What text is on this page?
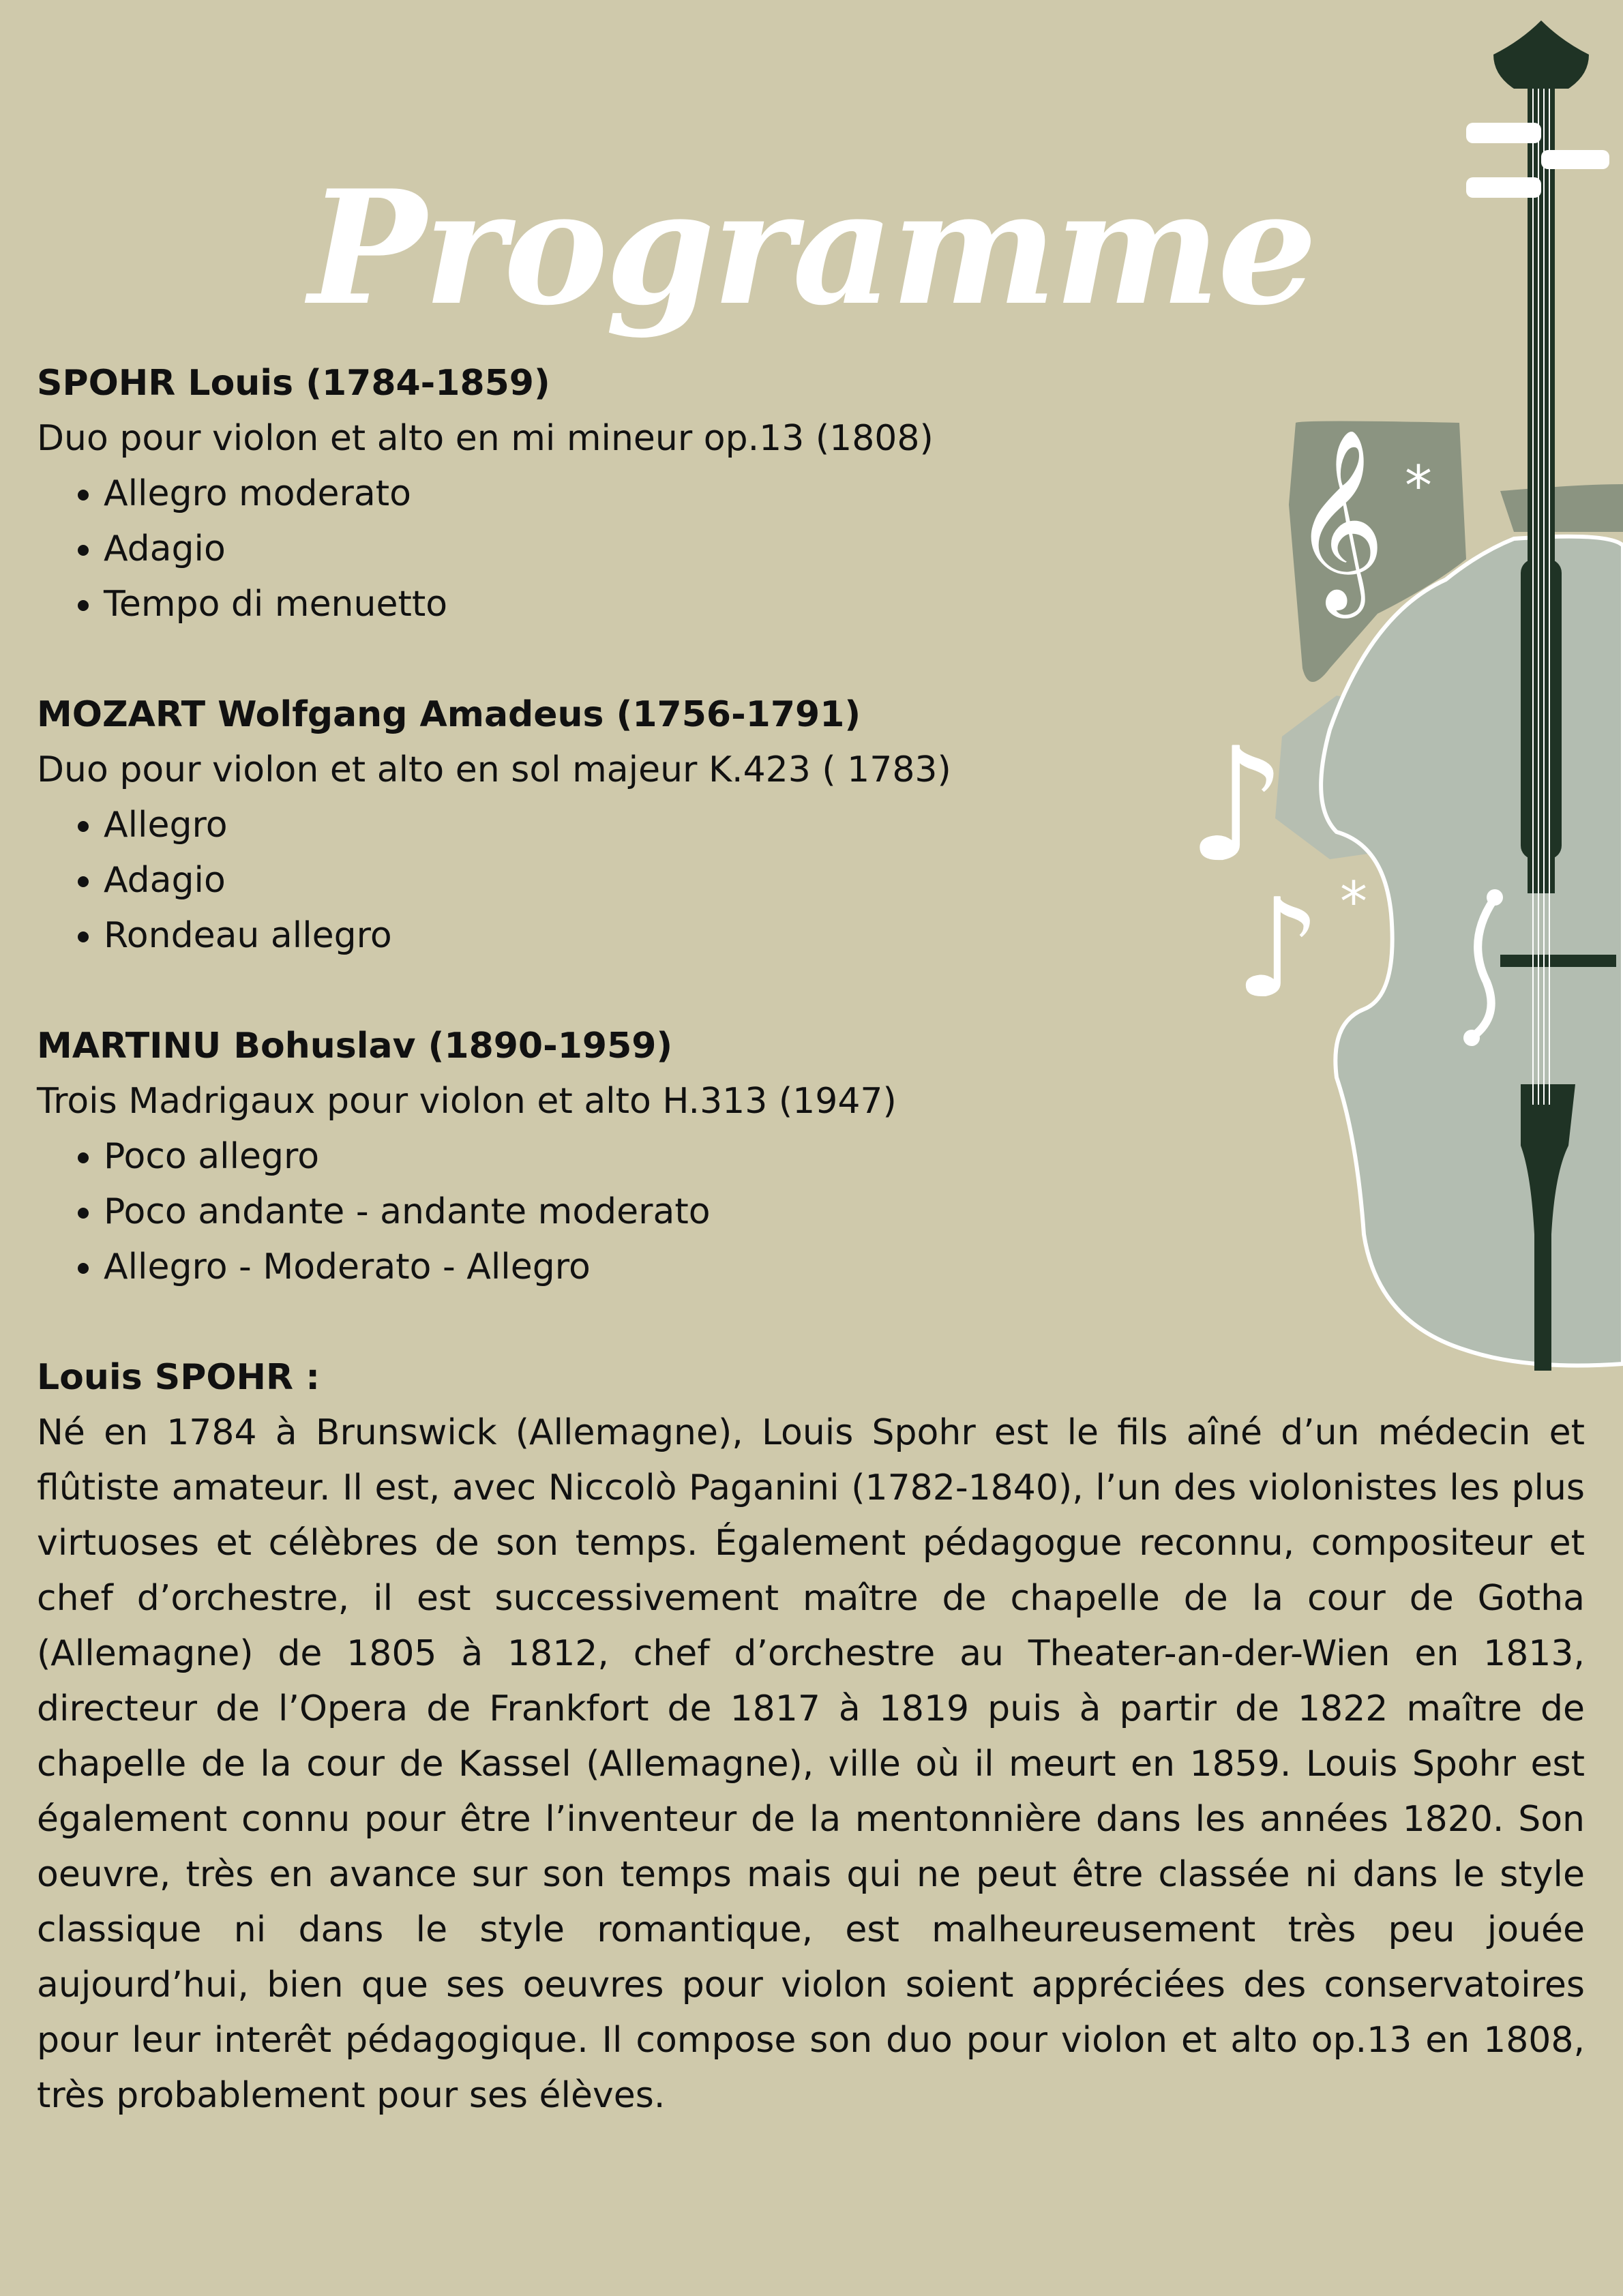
Programme
𝄞 *
*
♪
♪
SPOHR Louis (1784-1859)
Duo pour violon et alto en mi mineur op.13 (1808)
• Allegro moderato
• Adagio
• Tempo di menuetto
MOZART Wolfgang Amadeus (1756-1791)
Duo pour violon et alto en sol majeur K.423 ( 1783)
• Allegro
• Adagio
• Rondeau allegro
MARTINU Bohuslav (1890-1959)
Trois Madrigaux pour violon et alto H.313 (1947)
• Poco allegro
• Poco andante - andante moderato
• Allegro - Moderato - Allegro
Louis SPOHR :
Né en 1784 à Brunswick (Allemagne), Louis Spohr est le fils aîné d’un médecin et flûtiste amateur. Il est, avec Niccolò Paganini (1782-1840), l’un des violonistes les plus virtuoses et célèbres de son temps. Également pédagogue reconnu, compositeur et chef d’orchestre, il est successivement maître de chapelle de la cour de Gotha (Allemagne) de 1805 à 1812, chef d’orchestre au Theater-an-der-Wien en 1813, directeur de l’Opera de Frankfort de 1817 à 1819 puis à partir de 1822 maître de chapelle de la cour de Kassel (Allemagne), ville où il meurt en 1859. Louis Spohr est également connu pour être l’inventeur de la mentonnière dans les années 1820. Son oeuvre, très en avance sur son temps mais qui ne peut être classée ni dans le style classique ni dans le style romantique, est malheureusement très peu jouée aujourd’hui, bien que ses oeuvres pour violon soient appréciées des conservatoires pour leur interêt pédagogique. Il compose son duo pour violon et alto op.13 en 1808, très probablement pour ses élèves.
